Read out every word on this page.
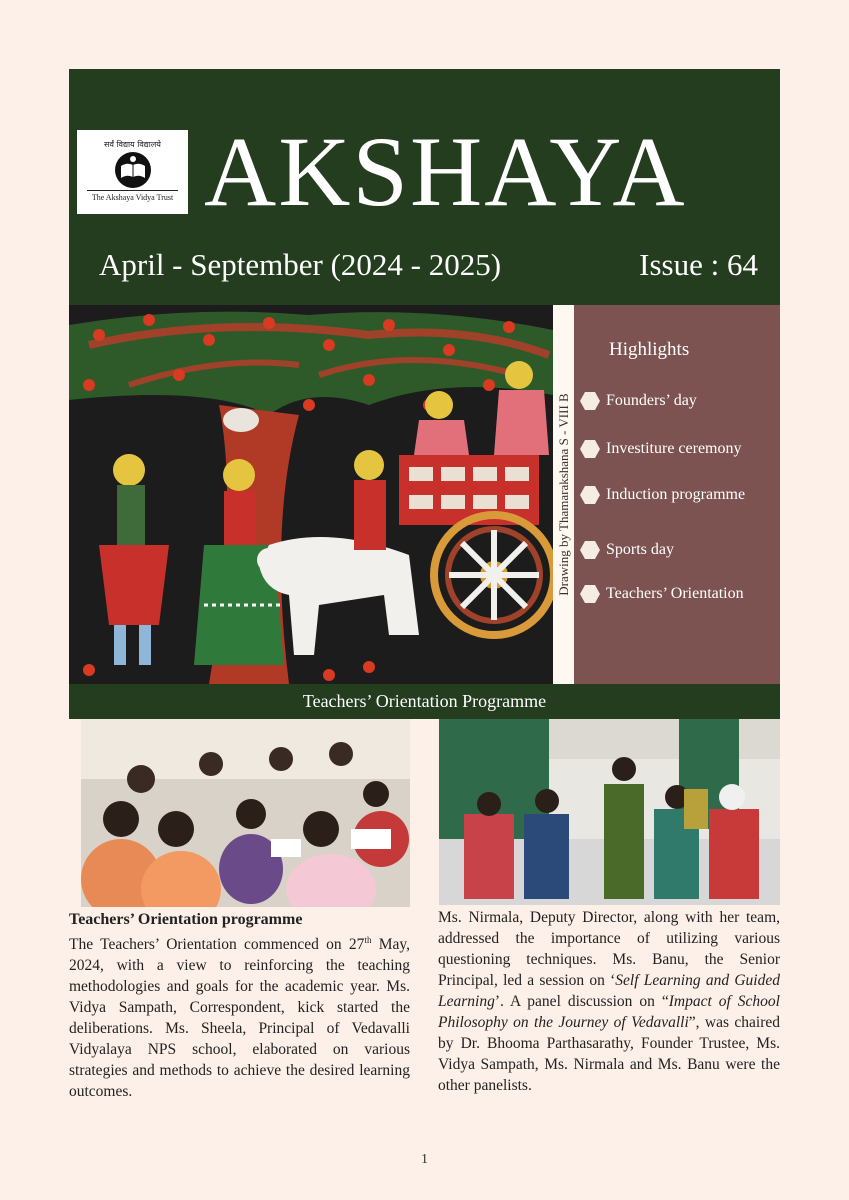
सर्वं विद्याय विद्यालये
The Akshaya Vidya Trust AKSHAYA
April - September (2024 - 2025)	Issue : 64
Drawing by Thamarakshana S - VIII B
Highlights
Founders’ day
Investiture ceremony
Induction programme
Sports day
Teachers’ Orientation
Teachers’ Orientation Programme
Teachers’ Orientation programme
The Teachers’ Orientation commenced on 27th May, 2024, with a view to reinforcing the teaching methodologies and goals for the academic year. Ms. Vidya Sampath, Correspondent, kick started the deliberations. Ms. Sheela, Principal of Vedavalli Vidyalaya NPS school, elaborated on various strategies and methods to achieve the desired learning outcomes.
Ms. Nirmala, Deputy Director, along with her team, addressed the importance of utilizing various questioning techniques. Ms. Banu, the Senior Principal, led a session on ‘Self Learning and Guided Learning’. A panel discussion on “Impact of School Philosophy on the Journey of Vedavalli”, was chaired by Dr. Bhooma Parthasarathy, Founder Trustee, Ms. Vidya Sampath, Ms. Nirmala and Ms. Banu were the other panelists.
1
